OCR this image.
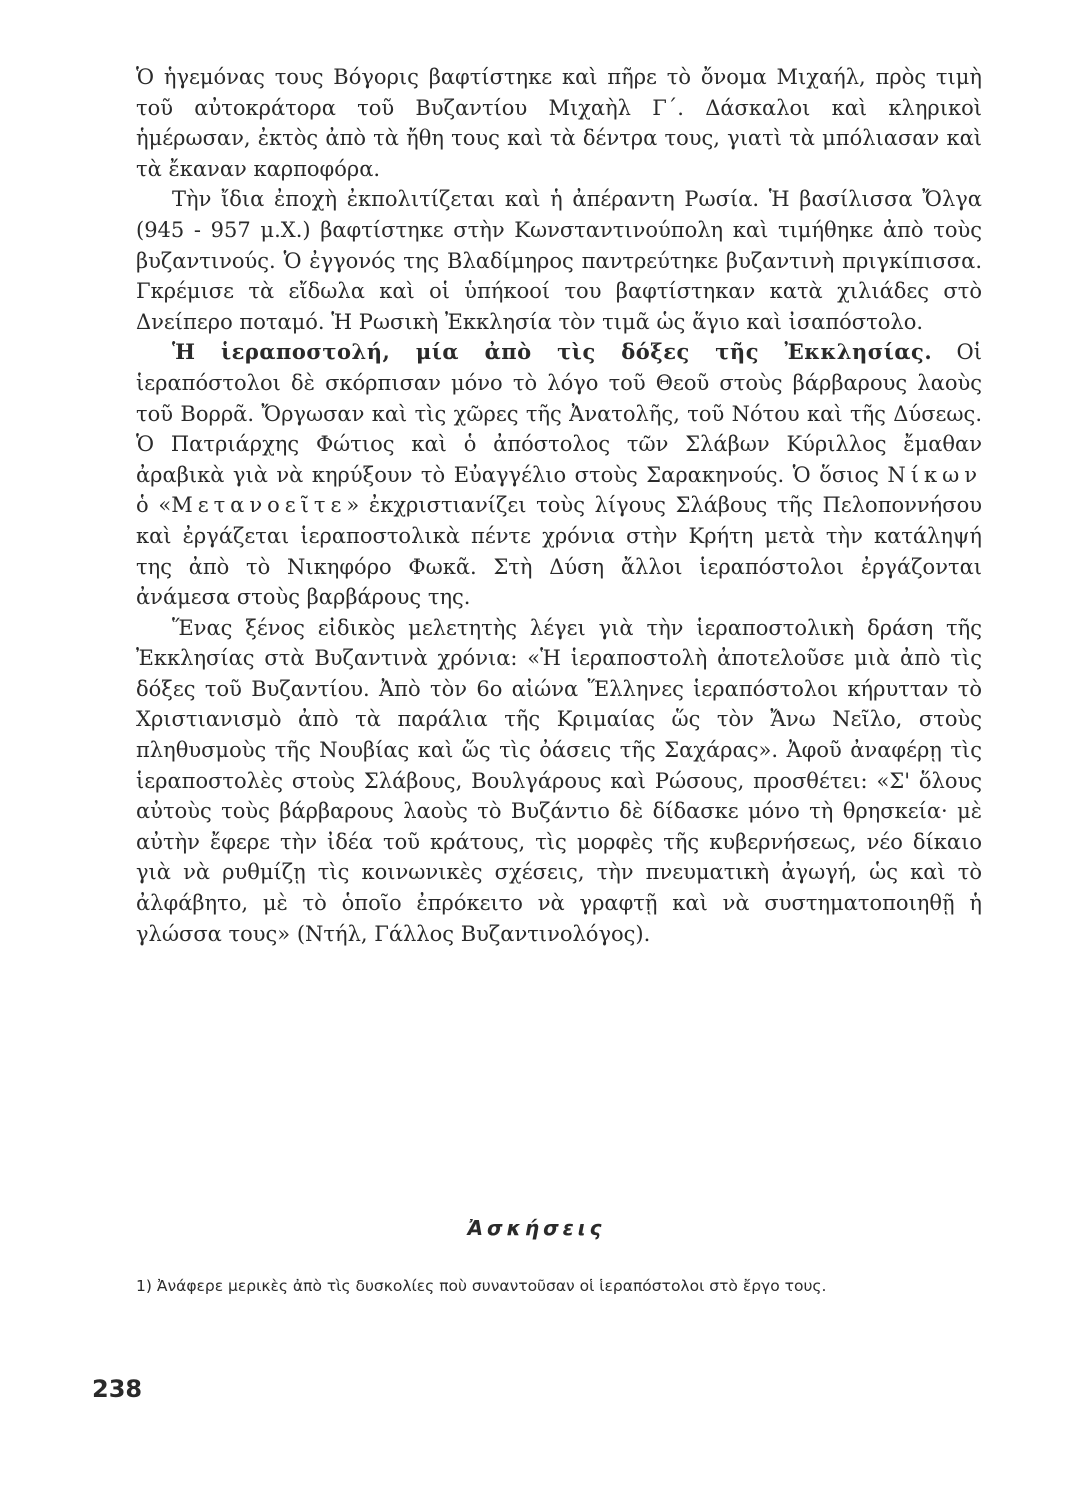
Ὁ ἡγεμόνας τους Βόγορις βαφτίστηκε καὶ πῆρε τὸ ὄνομα Μιχαήλ, πρὸς τιμὴ τοῦ αὐτοκράτορα τοῦ Βυζαντίου Μιχαὴλ Γ΄. Δάσκαλοι καὶ κληρικοὶ ἡμέρωσαν, ἐκτὸς ἀπὸ τὰ ἤθη τους καὶ τὰ δέντρα τους, γιατὶ τὰ μπόλιασαν καὶ τὰ ἔκαναν καρποφόρα.

Τὴν ἴδια ἐποχὴ ἐκπολιτίζεται καὶ ἡ ἀπέραντη Ρωσία. Ἡ βασίλισσα Ὄλγα (945 - 957 μ.Χ.) βαφτίστηκε στὴν Κωνσταντινούπολη καὶ τιμήθηκε ἀπὸ τοὺς βυζαντινούς. Ὁ ἐγγονός της Βλαδίμηρος παντρεύτηκε βυζαντινὴ πριγκίπισσα. Γκρέμισε τὰ εἴδωλα καὶ οἱ ὑπήκοοί του βαφτίστηκαν κατὰ χιλιάδες στὸ Δνείπερο ποταμό. Ἡ Ρωσικὴ Ἐκκλησία τὸν τιμᾶ ὡς ἅγιο καὶ ἰσαπόστολο.

Ἡ ἱεραποστολή, μία ἀπὸ τὶς δόξες τῆς Ἐκκλησίας. Οἱ ἱεραπόστολοι δὲ σκόρπισαν μόνο τὸ λόγο τοῦ Θεοῦ στοὺς βάρβαρους λαοὺς τοῦ Βορρᾶ. Ὄργωσαν καὶ τὶς χῶρες τῆς Ἀνατολῆς, τοῦ Νότου καὶ τῆς Δύσεως. Ὁ Πατριάρχης Φώτιος καὶ ὁ ἀπόστολος τῶν Σλάβων Κύριλλος ἔμαθαν ἀραβικὰ γιὰ νὰ κηρύξουν τὸ Εὐαγγέλιο στοὺς Σαρακηνούς. Ὁ ὅσιος Νίκων ὁ «Μετανοεῖτε» ἐκχριστιανίζει τοὺς λίγους Σλάβους τῆς Πελοποννήσου καὶ ἐργάζεται ἱεραποστολικὰ πέντε χρόνια στὴν Κρήτη μετὰ τὴν κατάληψή της ἀπὸ τὸ Νικηφόρο Φωκᾶ. Στὴ Δύση ἄλλοι ἱεραπόστολοι ἐργάζονται ἀνάμεσα στοὺς βαρβάρους της.

Ἕνας ξένος εἰδικὸς μελετητὴς λέγει γιὰ τὴν ἱεραποστολικὴ δράση τῆς Ἐκκλησίας στὰ Βυζαντινὰ χρόνια: «Ἡ ἱεραποστολὴ ἀποτελοῦσε μιὰ ἀπὸ τὶς δόξες τοῦ Βυζαντίου. Ἀπὸ τὸν 6ο αἰώνα Ἕλληνες ἱεραπόστολοι κήρυτταν τὸ Χριστιανισμὸ ἀπὸ τὰ παράλια τῆς Κριμαίας ὥς τὸν Ἄνω Νεῖλο, στοὺς πληθυσμοὺς τῆς Νουβίας καὶ ὥς τὶς ὀάσεις τῆς Σαχάρας». Ἀφοῦ ἀναφέρῃ τὶς ἱεραποστολὲς στοὺς Σλάβους, Βουλγάρους καὶ Ρώσους, προσθέτει: «Σ' ὅλους αὐτοὺς τοὺς βάρβαρους λαοὺς τὸ Βυζάντιο δὲ δίδασκε μόνο τὴ θρησκεία· μὲ αὐτὴν ἔφερε τὴν ἰδέα τοῦ κράτους, τὶς μορφὲς τῆς κυβερνήσεως, νέο δίκαιο γιὰ νὰ ρυθμίζῃ τὶς κοινωνικὲς σχέσεις, τὴν πνευματικὴ ἀγωγή, ὡς καὶ τὸ ἀλφάβητο, μὲ τὸ ὁποῖο ἐπρόκειτο νὰ γραφτῇ καὶ νὰ συστηματοποιηθῇ ἡ γλώσσα τους» (Ντήλ, Γάλλος Βυζαντινολόγος).

Ἀσκήσεις
1) Ἀνάφερε μερικὲς ἀπὸ τὶς δυσκολίες ποὺ συναντοῦσαν οἱ ἱεραπόστολοι στὸ ἔργο τους.
238
